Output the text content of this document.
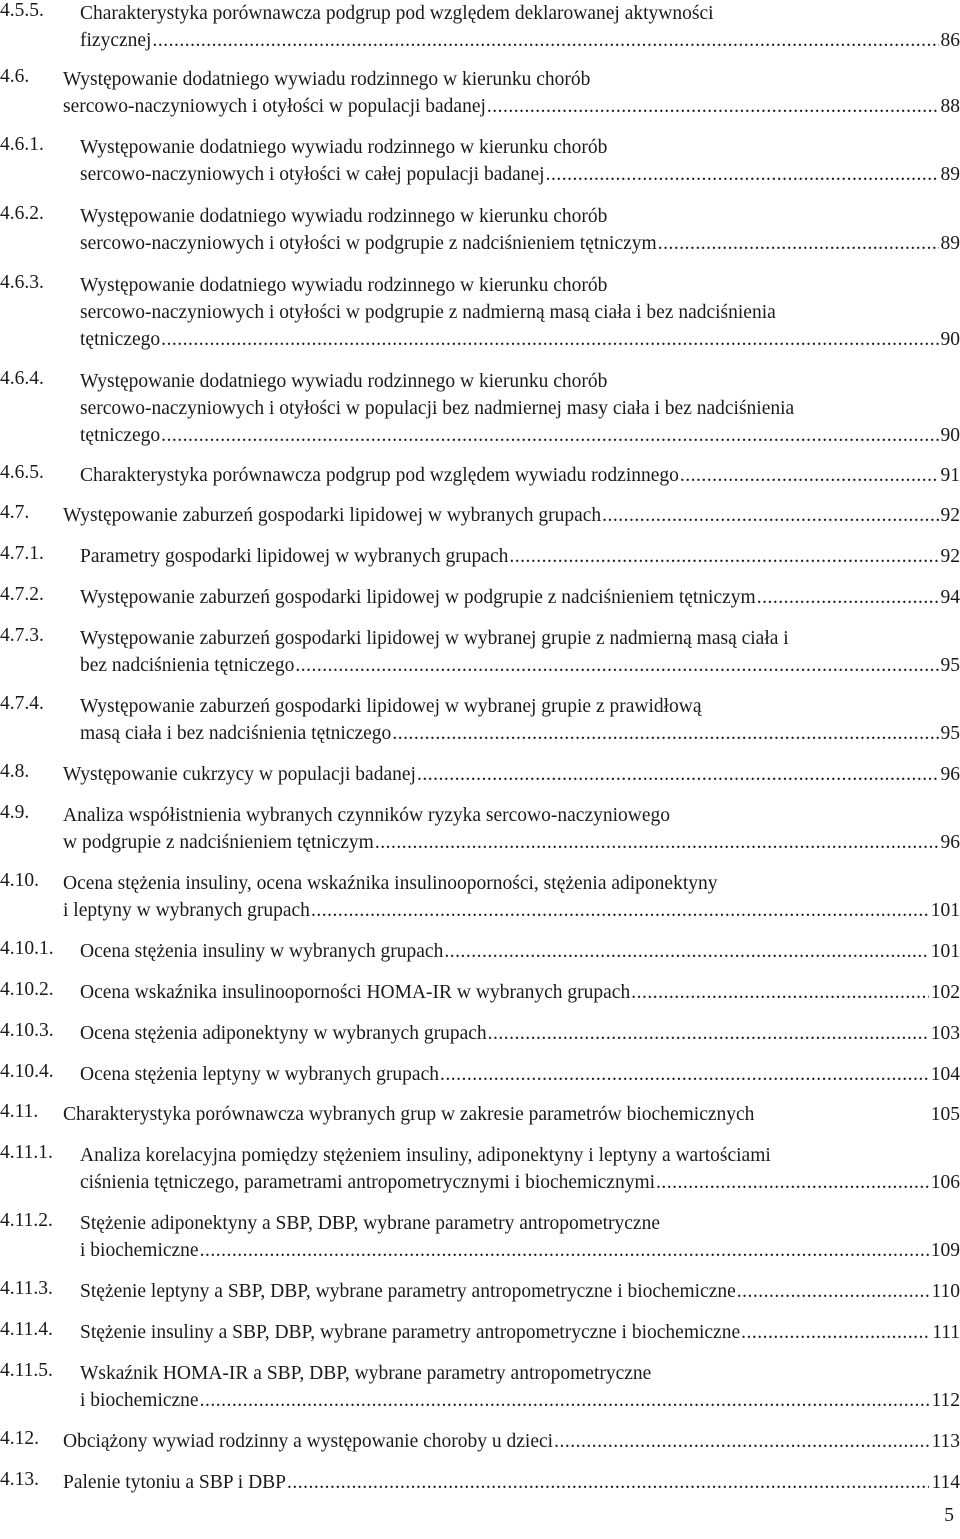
4.5.5. Charakterystyka porównawcza podgrup pod względem deklarowanej aktywności
fizycznej .....	86
4.6. Występowanie dodatniego wywiadu rodzinnego w kierunku chorób
sercowo-naczyniowych i otyłości w populacji badanej .....	88
4.6.1. Występowanie dodatniego wywiadu rodzinnego w kierunku chorób
sercowo-naczyniowych i otyłości w całej populacji badanej .....	89
4.6.2. Występowanie dodatniego wywiadu rodzinnego w kierunku chorób
sercowo-naczyniowych i otyłości w podgrupie z nadciśnieniem tętniczym .....	89
4.6.3. Występowanie dodatniego wywiadu rodzinnego w kierunku chorób
sercowo-naczyniowych i otyłości w podgrupie z nadmierną masą ciała i bez nadciśnienia
tętniczego .....	90
4.6.4. Występowanie dodatniego wywiadu rodzinnego w kierunku chorób
sercowo-naczyniowych i otyłości w populacji bez nadmiernej masy ciała i bez nadciśnienia
tętniczego .....	90
4.6.5. Charakterystyka porównawcza podgrup pod względem wywiadu rodzinnego .....	91
4.7. Występowanie zaburzeń gospodarki lipidowej w wybranych grupach .....	92
4.7.1. Parametry gospodarki lipidowej w wybranych grupach .....	92
4.7.2. Występowanie zaburzeń gospodarki lipidowej w podgrupie z nadciśnieniem tętniczym .....	94
4.7.3. Występowanie zaburzeń gospodarki lipidowej w wybranej grupie z nadmierną masą ciała i
bez nadciśnienia tętniczego .....	95
4.7.4. Występowanie zaburzeń gospodarki lipidowej w wybranej grupie z prawidłową
masą ciała i bez nadciśnienia tętniczego .....	95
4.8. Występowanie cukrzycy w populacji badanej .....	96
4.9. Analiza współistnienia wybranych czynników ryzyka sercowo-naczyniowego
w podgrupie z nadciśnieniem tętniczym .....	96
4.10. Ocena stężenia insuliny, ocena wskaźnika insulinooporności, stężenia adiponektyny
i leptyny w wybranych grupach .....	101
4.10.1. Ocena stężenia insuliny w wybranych grupach .....	101
4.10.2. Ocena wskaźnika insulinooporności HOMA-IR w wybranych grupach .....	102
4.10.3. Ocena stężenia adiponektyny w wybranych grupach .....	103
4.10.4. Ocena stężenia leptyny w wybranych grupach .....	104
4.11. Charakterystyka porównawcza wybranych grup w zakresie parametrów biochemicznych	105
4.11.1. Analiza korelacyjna pomiędzy stężeniem insuliny, adiponektyny i leptyny a wartościami
ciśnienia tętniczego, parametrami antropometrycznymi i biochemicznymi .....	106
4.11.2. Stężenie adiponektyny a SBP, DBP, wybrane parametry antropometryczne
i biochemiczne .....	109
4.11.3. Stężenie leptyny a SBP, DBP, wybrane parametry antropometryczne i biochemiczne .....	110
4.11.4. Stężenie insuliny a SBP, DBP, wybrane parametry antropometryczne i biochemiczne .....	111
4.11.5. Wskaźnik HOMA-IR a SBP, DBP, wybrane parametry antropometryczne
i biochemiczne .....	112
4.12. Obciążony wywiad rodzinny a występowanie choroby u dzieci .....	113
4.13. Palenie tytoniu a SBP i DBP .....	114
5
